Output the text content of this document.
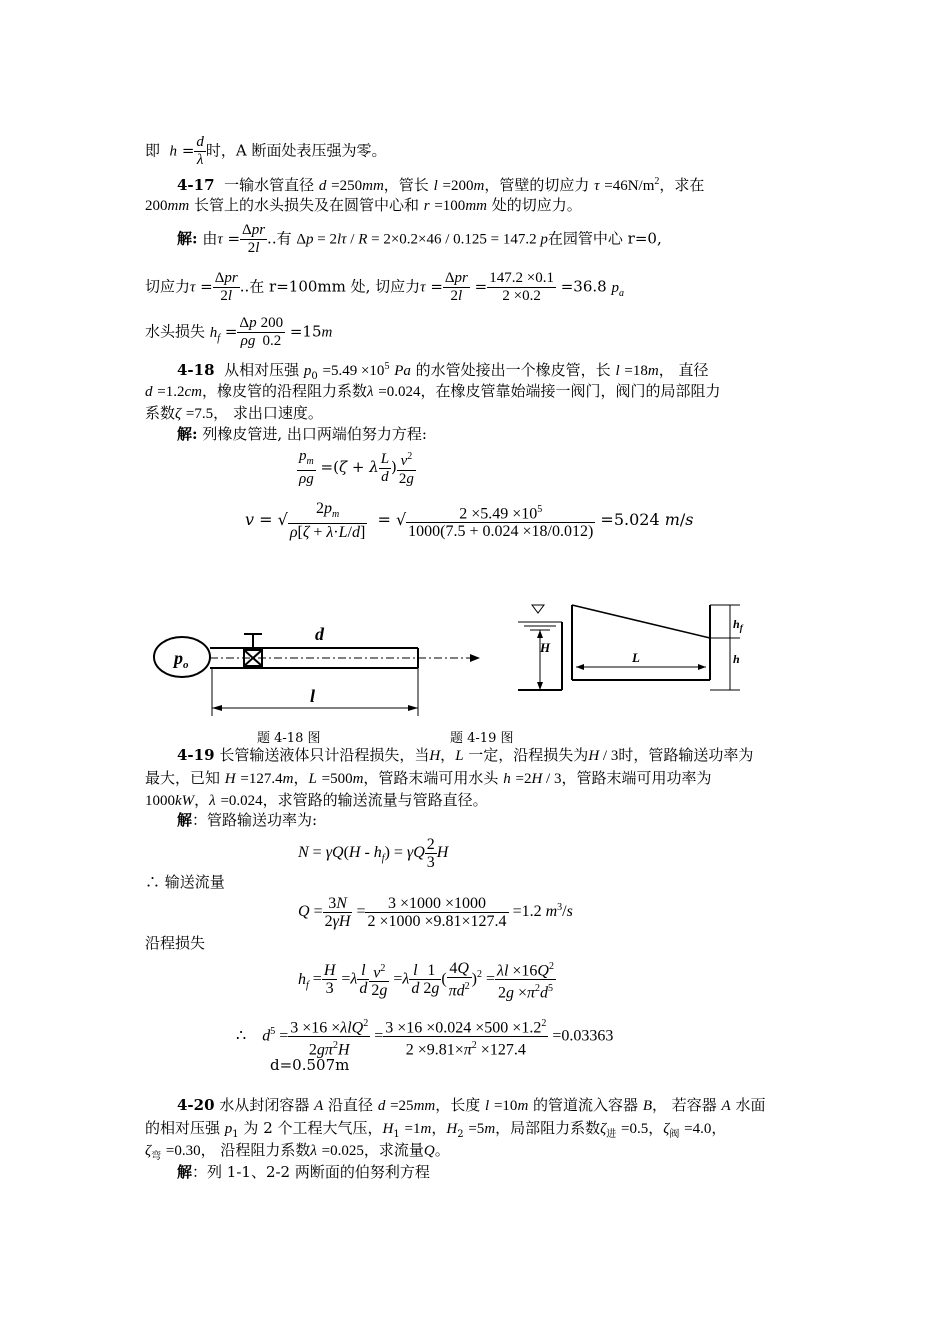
即  $h = \frac{d}{\lambda}$ 时，A 断面处表压强为零。
4-17  一输水管直径 d =250mm，管长 l =200m，管壁的切应力 $\tau =46N/m^2$，求在
200mm 长管上的水头损失及在圆管中心和 r =100mm 处的切应力。
解: 由$\tau = \frac{\text{Δpr}}{2l}$ ..有 Δp = 2lτ / R = 2×0.2×46 / 0.125 = 147.2 p在园管中心 r=0,
切应力$\tau = \frac{\text{Δpr}}{2l}$ ..在 r=100mm 处, 切应力$\tau = \frac{\text{Δpr}}{2l} = \frac{147.2 \times 0.1}{2 \times 0.2} =36.8$ $p_a$
水头损失 $h_f = \frac{\Delta p}{\rho g} \frac{200}{0.2} =15m$
4-18  从相对压强 $p_0 =5.49 \times 10^5$ Pa 的水管处接出一个橡皮管，长 l =18m， 直径
d =1.2cm，橡皮管的沿程阻力系数λ =0.024，在橡皮管靠始端接一阀门，阀门的局部阻力
系数ζ =7.5， 求出口速度。
解: 列橡皮管进, 出口两端伯努力方程:
$\frac{p_m}{\rho g} =(\zeta + \lambda \frac{L}{d}$ ) $\frac{v^2}{2g}$
v = √ $\frac{2p_m}{\rho[\zeta + \lambda\cdot L/d]}$ = √ $\frac{2 \times 5.49 \times 10^5}{1000(7.5 + 0.024 \times 18/0.012)} =5.024$ m/s
$p_o$
d
l
H
L
$h_f$
h
题 4-18 图	题 4-19 图
4-19 长管输送液体只计沿程损失，当H，L 一定，沿程损失为H / 3时，管路输送功率为
最大，已知 H =127.4m，L =500m，管路末端可用水头 h =2H / 3，管路末端可用功率为
1000kW，λ =0.024，求管路的输送流量与管路直径。
解：管路输送功率为:
$N = \gamma Q(H - h_f) = \gamma Q \frac{2}{3}$ H
∴ 输送流量
$Q = \frac{3N}{2\gamma H} = \frac{3 \times 1000 \times 1000}{2 \times 1000 \times 9.81\times 127.4} =1.2$ $m^3/s$
沿程损失
$h_f = \frac{H}{3} =\lambda \frac{l}{d} \frac{v^2}{2g} =\lambda \frac{l}{d} \frac{1}{2g}$ ( $\frac{4Q}{\pi d^2} )^2 = \frac{\lambda l \times 16Q^2}{2g \times\pi^2d^5}$
∴    $d^5 = \frac{3 \times 16 \times\lambda lQ^2}{2g\pi^2H} = \frac{3 \times 16 \times 0.024 \times 500 \times 1.2^2}{2 \times 9.81\times\pi^2 \times 127.4} =0.03363$
d=0.507m
4-20 水从封闭容器 A 沿直径 d =25mm，长度 l =10m 的管道流入容器 B， 若容器 A 水面
的相对压强 $p_1$ 为 2 个工程大气压，$H_1 =1m$，$H_2 =5m$，局部阻力系数$\zeta_进 =0.5$，$\zeta_阀 =4.0$，
$\zeta_弯 =0.30$， 沿程阻力系数λ =0.025，求流量Q。
解：列 1-1、2-2 两断面的伯努利方程
